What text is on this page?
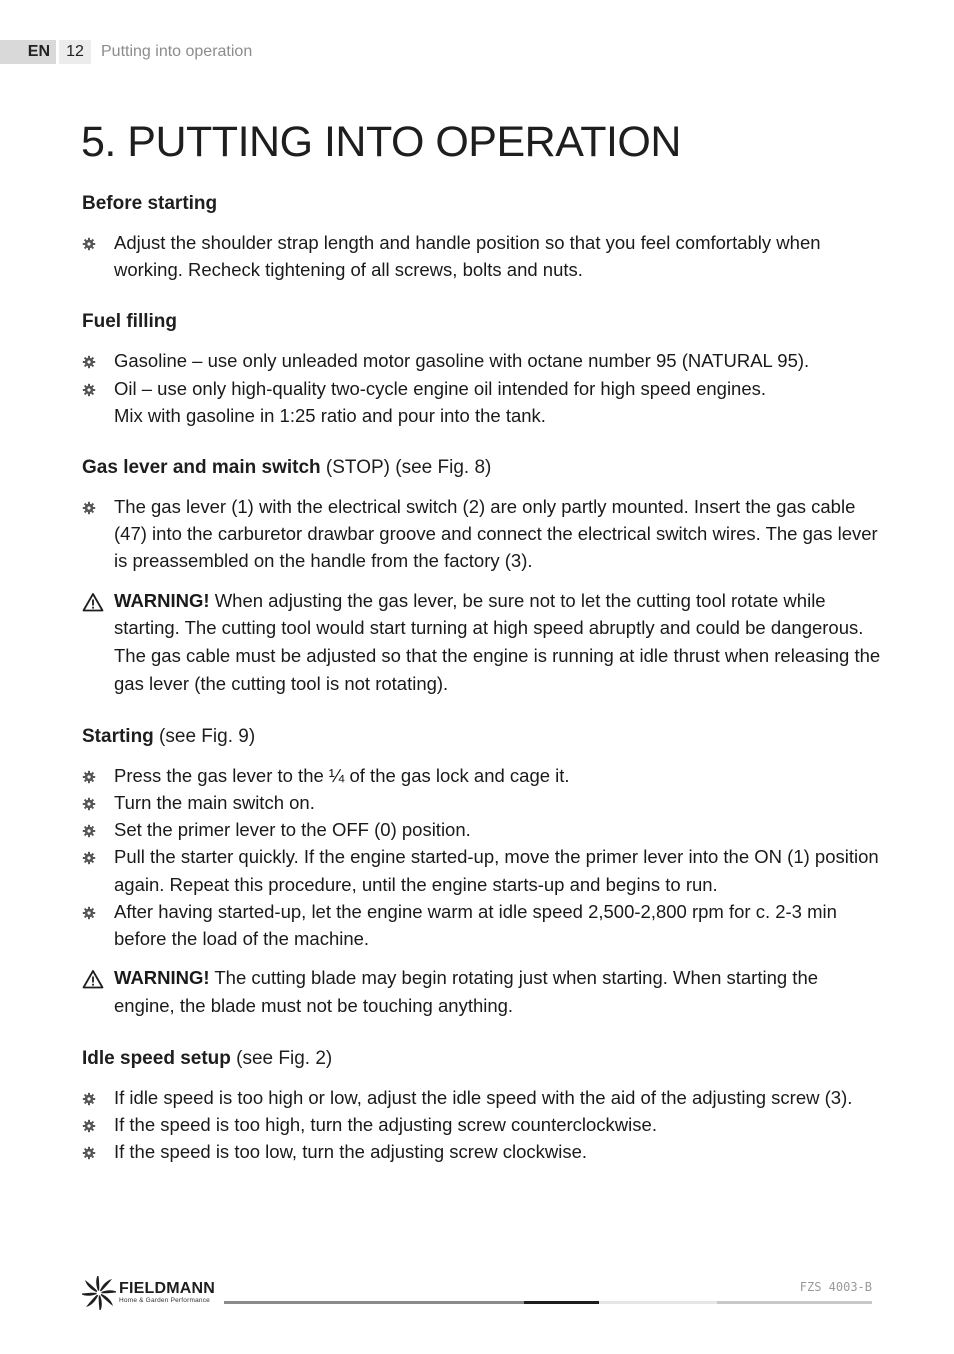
EN	12	Putting into operation
5. PUTTING INTO OPERATION
Before starting
Adjust the shoulder strap length and handle position so that you feel comfortably when working. Recheck tightening of all screws, bolts and nuts.
Fuel filling
Gasoline – use only unleaded motor gasoline with octane number 95 (NATURAL 95).
Oil – use only high-quality two-cycle engine oil intended for high speed engines.
Mix with gasoline in 1:25 ratio and pour into the tank.
Gas lever and main switch (STOP) (see Fig. 8)
The gas lever (1) with the electrical switch (2) are only partly mounted. Insert the gas cable (47) into the carburetor drawbar groove and connect the electrical switch wires. The gas lever is preassembled on the handle from the factory (3).
WARNING! When adjusting the gas lever, be sure not to let the cutting tool rotate while starting. The cutting tool would start turning at high speed abruptly and could be dangerous. The gas cable must be adjusted so that the engine is running at idle thrust when releasing the gas lever (the cutting tool is not rotating).
Starting (see Fig. 9)
Press the gas lever to the ¼ of the gas lock and cage it.
Turn the main switch on.
Set the primer lever to the OFF (0) position.
Pull the starter quickly. If the engine started-up, move the primer lever into the ON (1) position again. Repeat this procedure, until the engine starts-up and begins to run.
After having started-up, let the engine warm at idle speed 2,500-2,800 rpm for c. 2-3 min before the load of the machine.
WARNING! The cutting blade may begin rotating just when starting. When starting the engine, the blade must not be touching anything.
Idle speed setup (see Fig. 2)
If idle speed is too high or low, adjust the idle speed with the aid of the adjusting screw (3).
If the speed is too high, turn the adjusting screw counterclockwise.
If the speed is too low, turn the adjusting screw clockwise.
FIELDMANN
Home & Garden Performance
FZS 4003-B
